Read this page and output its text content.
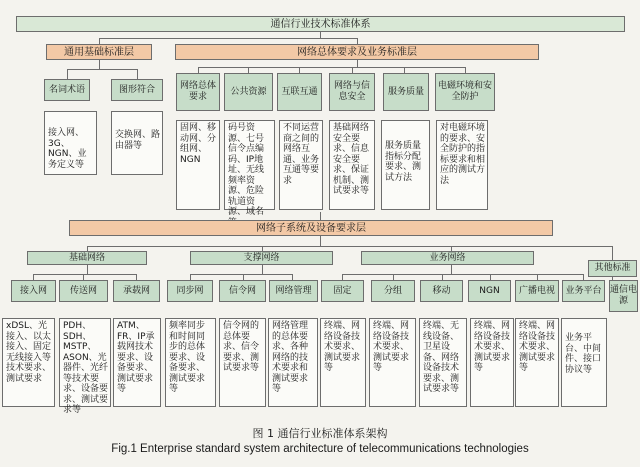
通信行业技术标准体系
通用基础标准层	网络总体要求及业务标准层
名词术语
接入网、3G、NGN、业务定义等
图形符合
交换网、路由器等
网络总体要求
固网、移动网、分组网、NGN
公共资源
码号资源、七号信令点编码、IP地址、无线频率资源、危险轨道资源、域名
互联互通
不同运营商之间的网络互通、业务互通等要求
网络与信息安全
基础网络安全要求、信息安全要求、保证机制、测试要求等
服务质量
服务质量指标分配要求、测试方法
电磁环境和安全防护
对电磁环境的要求、安全防护的指标要求和相应的测试方法
网络子系统及设备要求层
基础网络	支撑网络	业务网络
其他标准
接入网
xDSL、光接入、以太接入、固定无线接入等技术要求、测试要求
传送网
PDH、SDH、MSTP、ASON、光器件、光纤等技术要求、设备要求、测试要求等
承载网
ATM、FR、IP承载网技术要求、设备要求、测试要求等
同步网
频率同步和时间同步的总体要求、设备要求、测试要求等
信令网
信令网的总体要求、信令要求、测试要求等
网络管理
网络管理的总体要求、各种网络的技术要求和测试要求等
固定
终端、网络设备技术要求、测试要求等
分组
终端、网络设备技术要求、测试要求等
移动
终端、无线设备、卫星设备、网络设备技术要求、测试要求等
NGN
终端、网络设备技术要求、测试要求等
广播电视
终端、网络设备技术要求、测试要求等
业务平台
业务平台、中间件、接口协议等
通信电源
图 1 通信行业标准体系架构
Fig.1 Enterprise standard system architecture of telecommunications technologies
